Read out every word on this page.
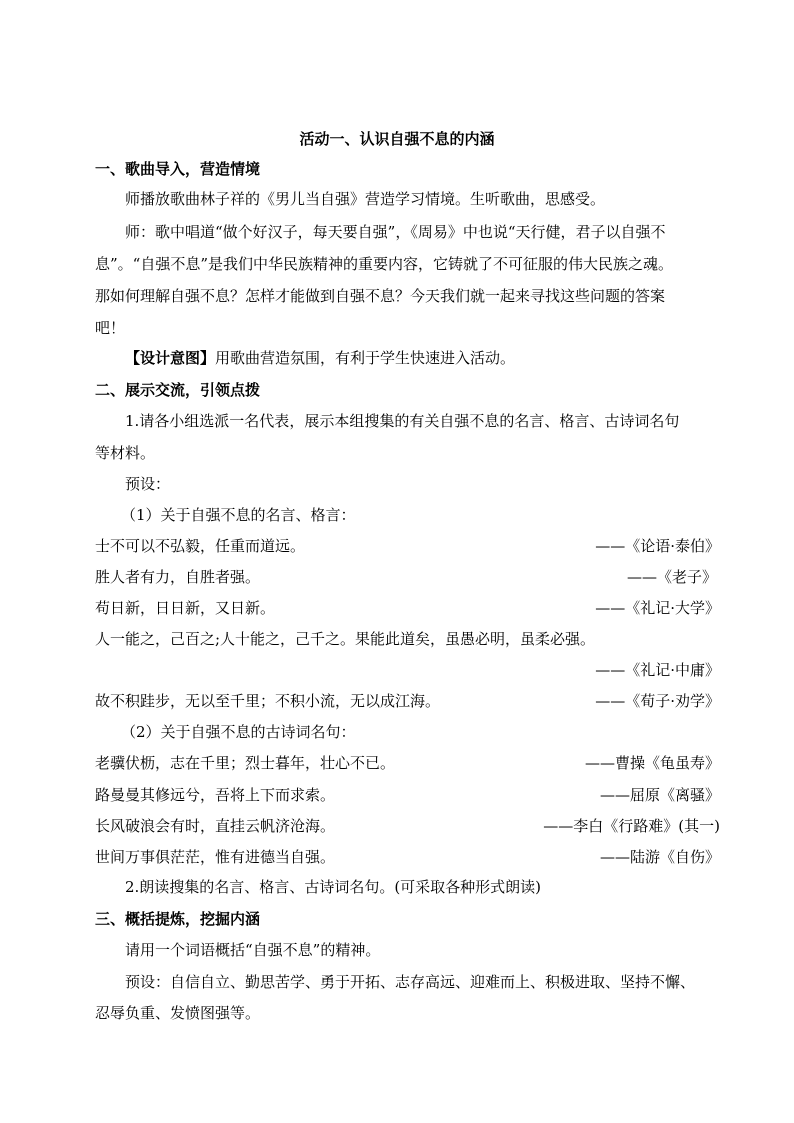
活动一、认识自强不息的内涵
一、歌曲导入，营造情境
师播放歌曲林子祥的《男儿当自强》营造学习情境。生听歌曲，思感受。
师：歌中唱道“做个好汉子，每天要自强”，《周易》中也说“天行健，君子以自强不
息”。“自强不息”是我们中华民族精神的重要内容，它铸就了不可征服的伟大民族之魂。
那如何理解自强不息？怎样才能做到自强不息？今天我们就一起来寻找这些问题的答案
吧！
【设计意图】用歌曲营造氛围，有利于学生快速进入活动。
二、展示交流，引领点拨
1.请各小组选派一名代表，展示本组搜集的有关自强不息的名言、格言、古诗词名句
等材料。
预设：
（1）关于自强不息的名言、格言：
士不可以不弘毅，任重而道远。	——《论语·泰伯》
胜人者有力，自胜者强。	——《老子》
苟日新，日日新，又日新。	——《礼记·大学》
人一能之，己百之;人十能之，己千之。果能此道矣，虽愚必明，虽柔必强。
——《礼记·中庸》
故不积跬步，无以至千里；不积小流，无以成江海。	——《荀子·劝学》
（2）关于自强不息的古诗词名句：
老骥伏枥，志在千里；烈士暮年，壮心不已。	——曹操《龟虽寿》
路曼曼其修远兮，吾将上下而求索。	——屈原《离骚》
长风破浪会有时，直挂云帆济沧海。	——李白《行路难》(其一)
世间万事俱茫茫，惟有进德当自强。	——陆游《自伤》
2.朗读搜集的名言、格言、古诗词名句。(可采取各种形式朗读)
三、概括提炼，挖掘内涵
请用一个词语概括“自强不息”的精神。
预设：自信自立、勤思苦学、勇于开拓、志存高远、迎难而上、积极进取、坚持不懈、
忍辱负重、发愤图强等。
